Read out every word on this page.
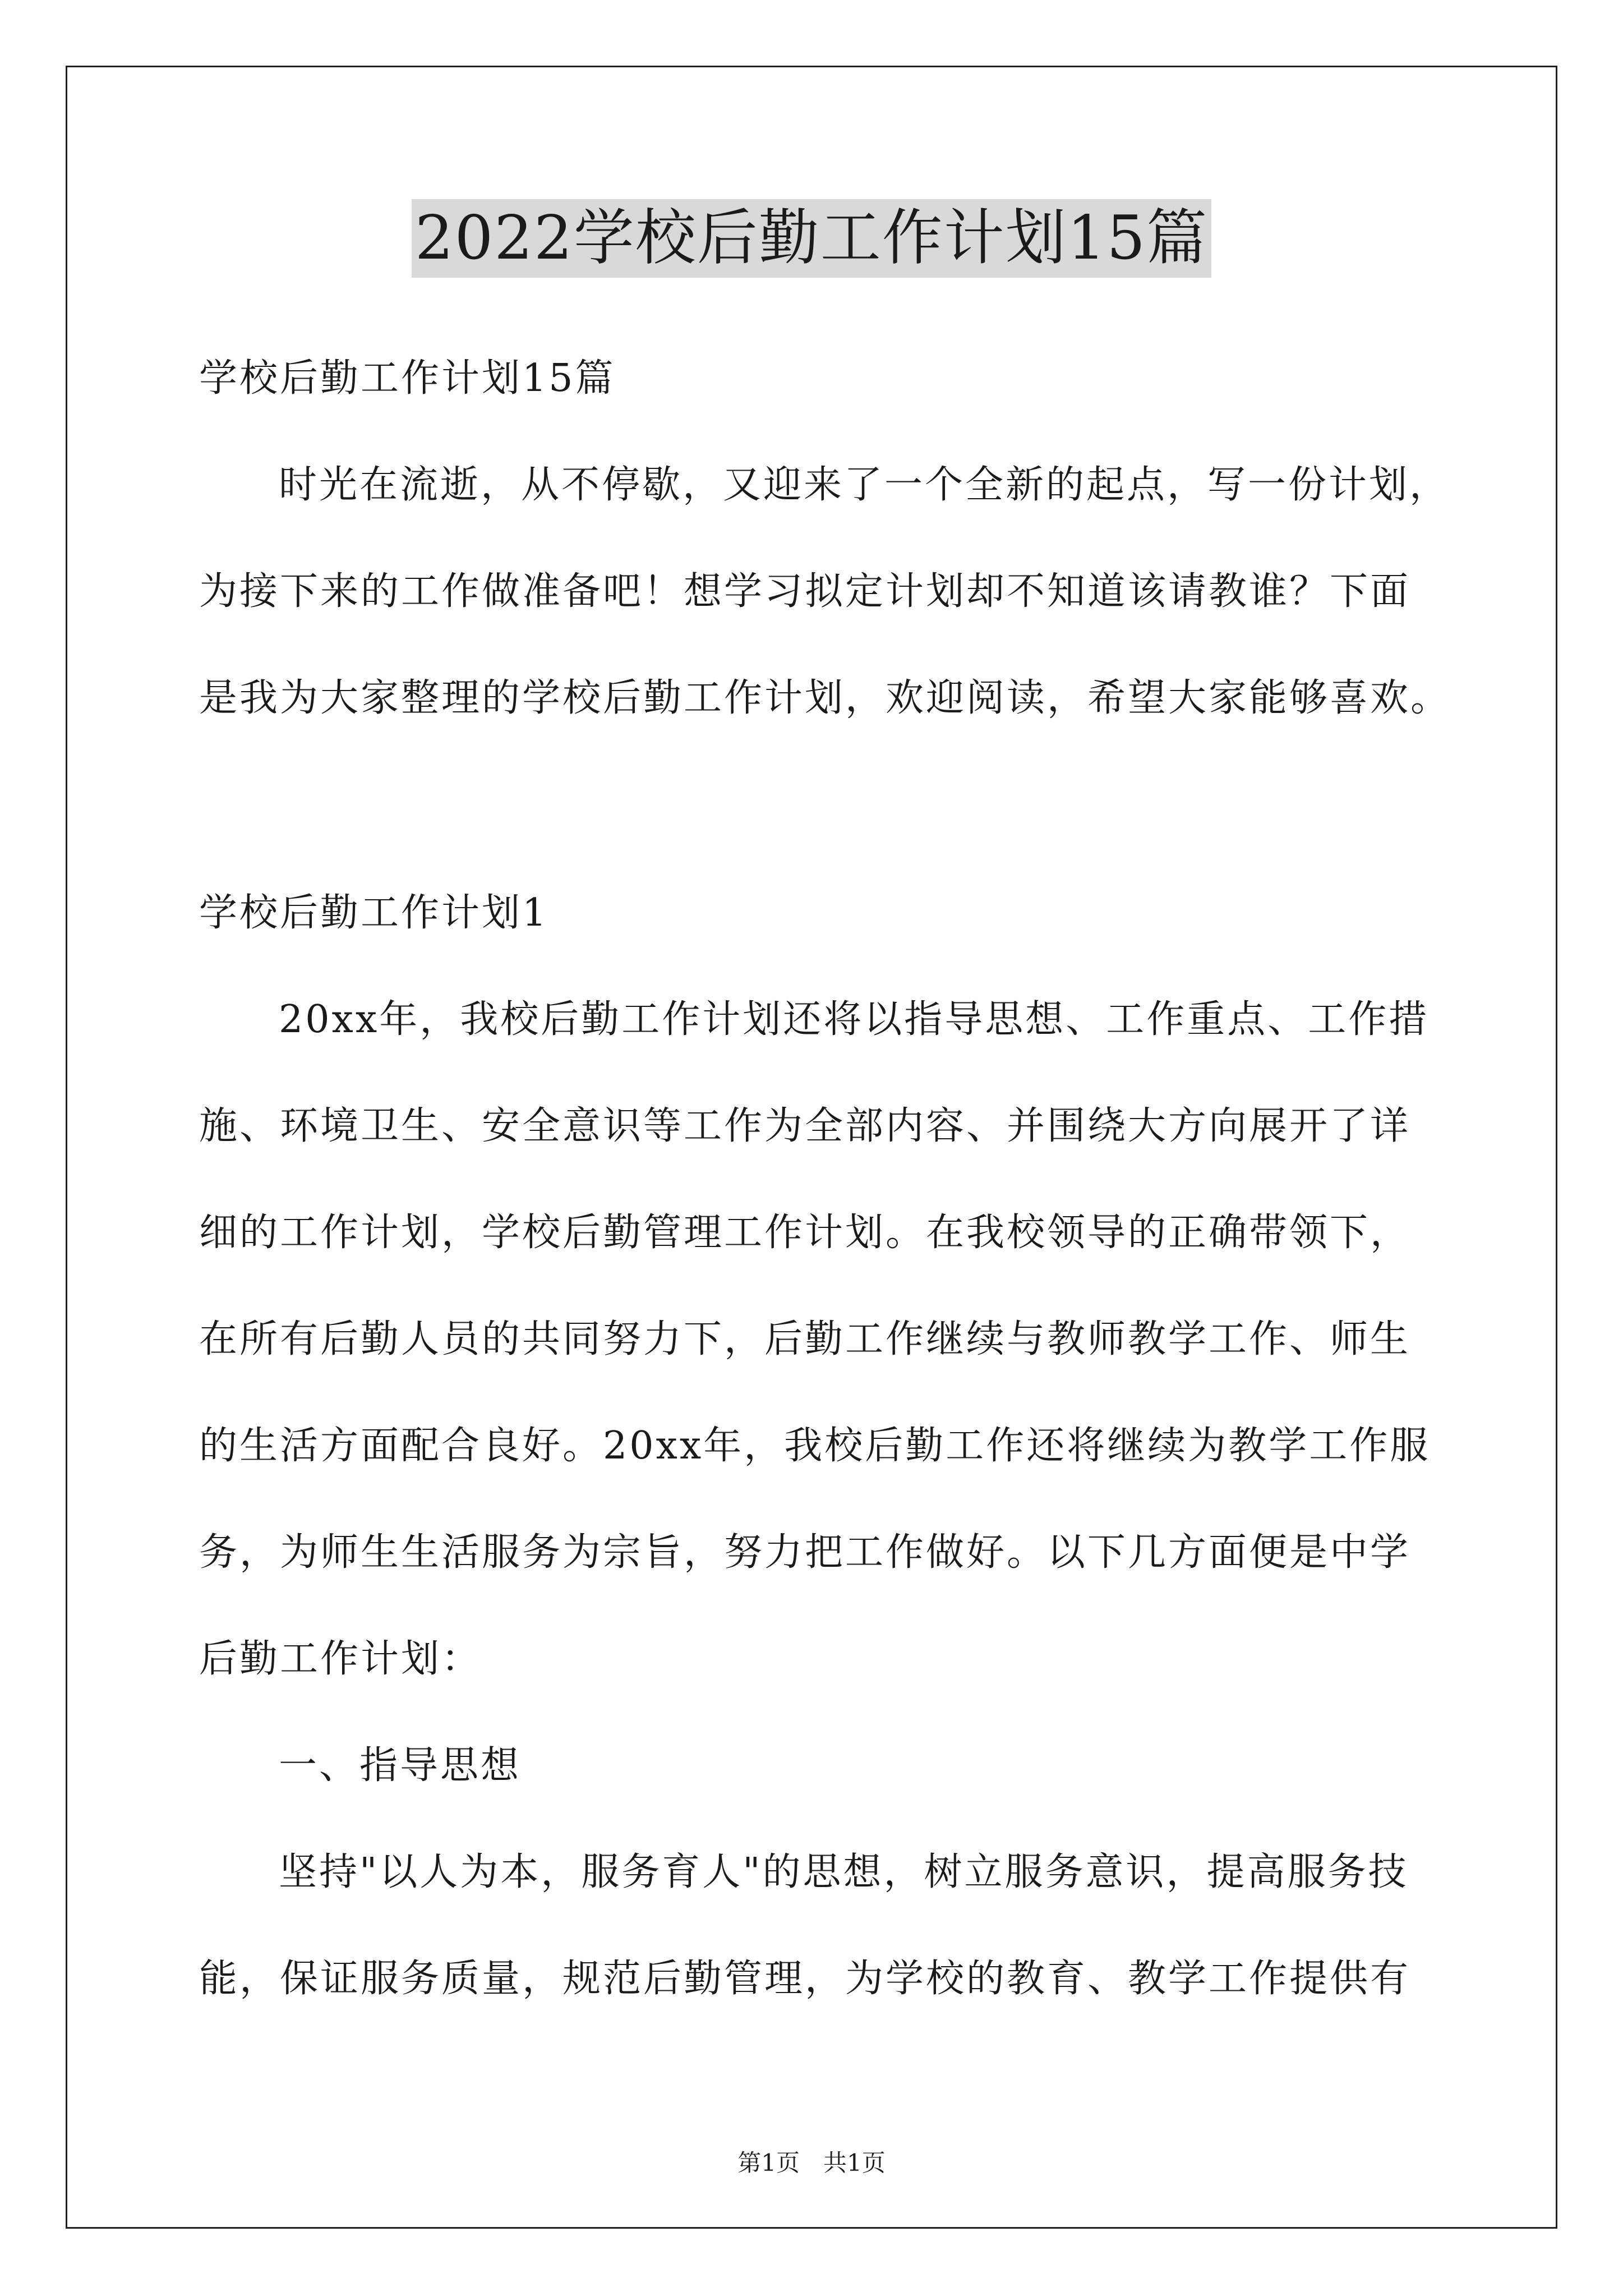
2022学校后勤工作计划15篇
学校后勤工作计划15篇
时光在流逝，从不停歇，又迎来了一个全新的起点，写一份计划，
为接下来的工作做准备吧！想学习拟定计划却不知道该请教谁？下面
是我为大家整理的学校后勤工作计划，欢迎阅读，希望大家能够喜欢。
学校后勤工作计划1
20xx年，我校后勤工作计划还将以指导思想、工作重点、工作措
施、环境卫生、安全意识等工作为全部内容、并围绕大方向展开了详
细的工作计划，学校后勤管理工作计划。在我校领导的正确带领下，
在所有后勤人员的共同努力下，后勤工作继续与教师教学工作、师生
的生活方面配合良好。20xx年，我校后勤工作还将继续为教学工作服
务，为师生生活服务为宗旨，努力把工作做好。以下几方面便是中学
后勤工作计划：
一、指导思想
坚持"以人为本，服务育人"的思想，树立服务意识，提高服务技
能，保证服务质量，规范后勤管理，为学校的教育、教学工作提供有
第1页　共1页
